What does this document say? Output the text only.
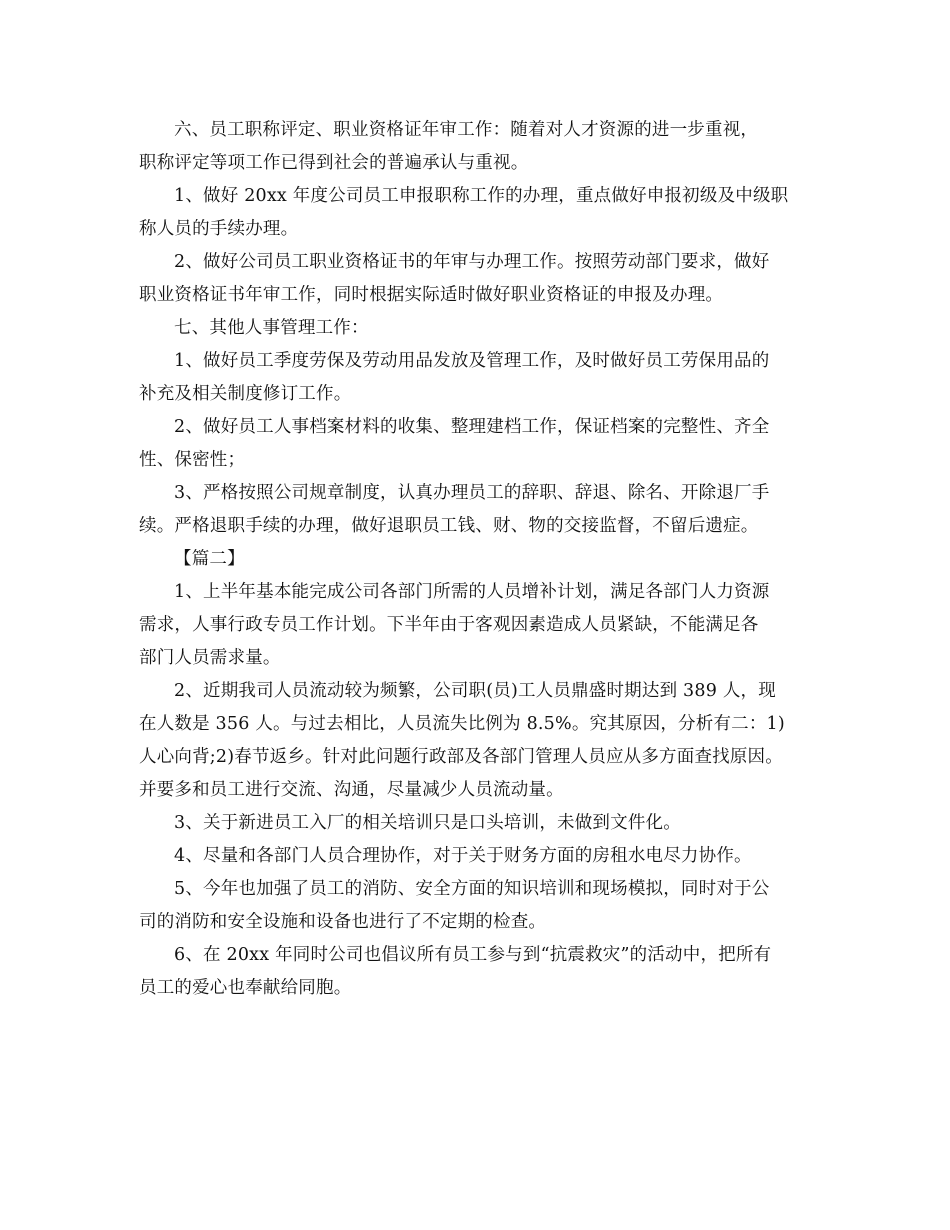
六、员工职称评定、职业资格证年审工作：随着对人才资源的进一步重视，
职称评定等项工作已得到社会的普遍承认与重视。

1、做好 20xx 年度公司员工申报职称工作的办理，重点做好申报初级及中级职
称人员的手续办理。

2、做好公司员工职业资格证书的年审与办理工作。按照劳动部门要求，做好
职业资格证书年审工作，同时根据实际适时做好职业资格证的申报及办理。

七、其他人事管理工作：

1、做好员工季度劳保及劳动用品发放及管理工作，及时做好员工劳保用品的
补充及相关制度修订工作。

2、做好员工人事档案材料的收集、整理建档工作，保证档案的完整性、齐全
性、保密性；

3、严格按照公司规章制度，认真办理员工的辞职、辞退、除名、开除退厂手
续。严格退职手续的办理，做好退职员工钱、财、物的交接监督，不留后遗症。

【篇二】

1、上半年基本能完成公司各部门所需的人员增补计划，满足各部门人力资源
需求，人事行政专员工作计划。下半年由于客观因素造成人员紧缺，不能满足各
部门人员需求量。

2、近期我司人员流动较为频繁，公司职(员)工人员鼎盛时期达到 389 人，现
在人数是 356 人。与过去相比，人员流失比例为 8.5%。究其原因，分析有二：1)
人心向背;2)春节返乡。针对此问题行政部及各部门管理人员应从多方面查找原因。
并要多和员工进行交流、沟通，尽量减少人员流动量。

3、关于新进员工入厂的相关培训只是口头培训，未做到文件化。

4、尽量和各部门人员合理协作，对于关于财务方面的房租水电尽力协作。

5、今年也加强了员工的消防、安全方面的知识培训和现场模拟，同时对于公
司的消防和安全设施和设备也进行了不定期的检查。

6、在 20xx 年同时公司也倡议所有员工参与到“抗震救灾”的活动中，把所有
员工的爱心也奉献给同胞。
